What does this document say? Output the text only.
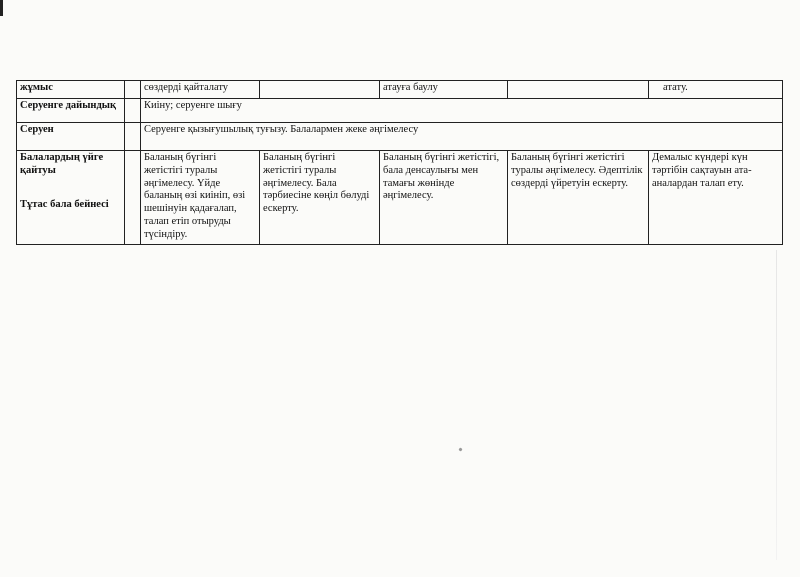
жұмыс		сөздерді қайталату		атауға баулу		атату.
Серуенге дайындық		Киіну; серуенге шығу				
Серуен		Серуенге қызығушылық туғызу. Балалармен жеке әңгімелесу				
Балалардың үйге қайтуы
Тұтас бала бейнесі		Баланың бүгінгі жетістігі туралы әңгімелесу. Үйде баланың өзі киініп, өзі шешінуін қадағалап, талап етіп отыруды түсіндіру.	Баланың бүгінгі жетістігі туралы әңгімелесу. Бала тәрбиесіне көңіл бөлуді ескерту.	Баланың бүгінгі жетістігі, бала денсаулығы мен тамағы жөнінде әңгімелесу.	Баланың бүгінгі жетістігі туралы әңгімелесу. Әдептілік сөздерді үйретуін ескерту.	Демалыс күндері күн тәртібін сақтауын ата-аналардан талап ету.
